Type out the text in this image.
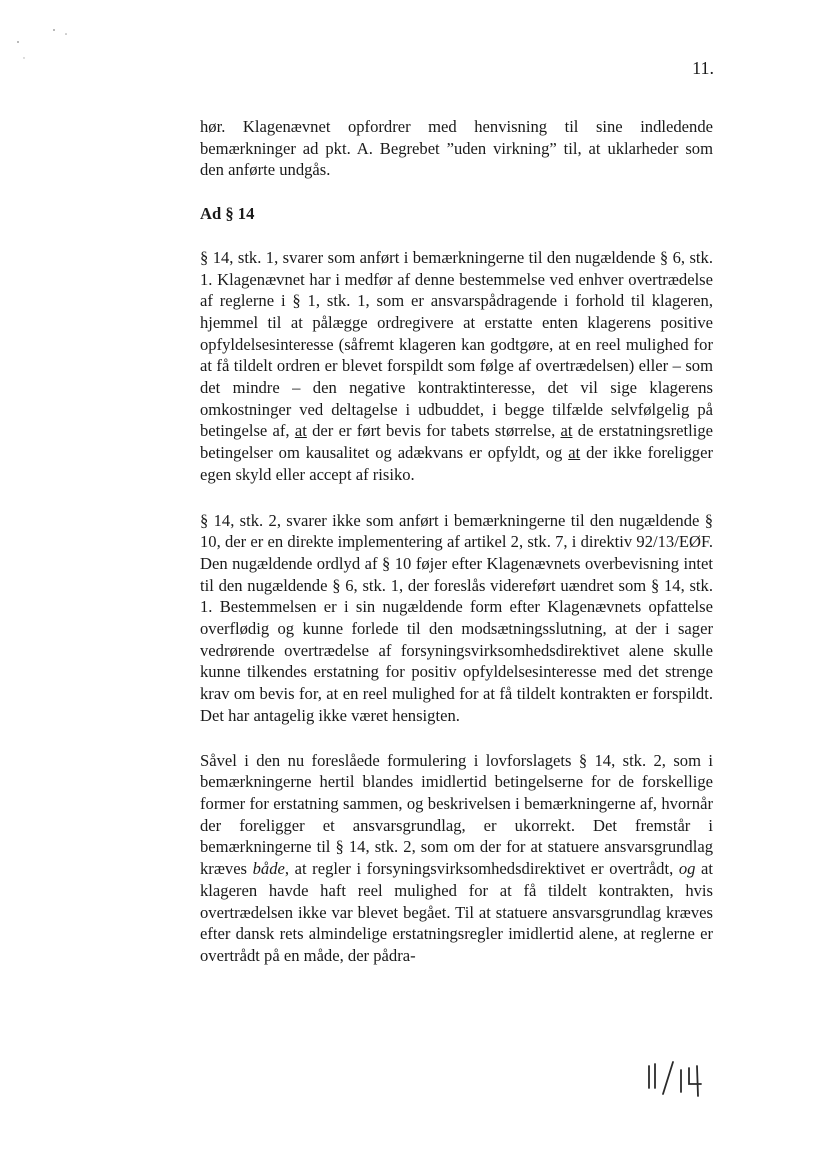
11.

hør. Klagenævnet opfordrer med henvisning til sine indledende bemærkninger ad pkt. A. Begrebet ”uden virkning” til, at uklarheder som den anførte undgås.

Ad § 14

§ 14, stk. 1, svarer som anført i bemærkningerne til den nugældende § 6, stk. 1. Klagenævnet har i medfør af denne bestemmelse ved enhver overtrædelse af reglerne i § 1, stk. 1, som er ansvarspådragende i forhold til klageren, hjemmel til at pålægge ordregivere at erstatte enten klagerens positive opfyldelsesinteresse (såfremt klageren kan godtgøre, at en reel mulighed for at få tildelt ordren er blevet forspildt som følge af overtrædelsen) eller – som det mindre – den negative kontraktinteresse, det vil sige klagerens omkostninger ved deltagelse i udbuddet, i begge tilfælde selvfølgelig på betingelse af, at der er ført bevis for tabets størrelse, at de erstatningsretlige betingelser om kausalitet og adækvans er opfyldt, og at der ikke foreligger egen skyld eller accept af risiko.

§ 14, stk. 2, svarer ikke som anført i bemærkningerne til den nugældende § 10, der er en direkte implementering af artikel 2, stk. 7, i direktiv 92/13/EØF. Den nugældende ordlyd af § 10 føjer efter Klagenævnets overbevisning intet til den nugældende § 6, stk. 1, der foreslås videreført uændret som § 14, stk. 1. Bestemmelsen er i sin nugældende form efter Klagenævnets opfattelse overflødig og kunne forlede til den modsætningsslutning, at der i sager vedrørende overtrædelse af forsyningsvirksomhedsdirektivet alene skulle kunne tilkendes erstatning for positiv opfyldelsesinteresse med det strenge krav om bevis for, at en reel mulighed for at få tildelt kontrakten er forspildt. Det har antagelig ikke været hensigten.

Såvel i den nu foreslåede formulering i lovforslagets § 14, stk. 2, som i bemærkningerne hertil blandes imidlertid betingelserne for de forskellige former for erstatning sammen, og beskrivelsen i bemærkningerne af, hvornår der foreligger et ansvarsgrundlag, er ukorrekt. Det fremstår i bemærkningerne til § 14, stk. 2, som om der for at statuere ansvarsgrundlag kræves både, at regler i forsyningsvirksomhedsdirektivet er overtrådt, og at klageren havde haft reel mulighed for at få tildelt kontrakten, hvis overtrædelsen ikke var blevet begået. Til at statuere ansvarsgrundlag kræves efter dansk rets almindelige erstatningsregler imidlertid alene, at reglerne er overtrådt på en måde, der pådra-
